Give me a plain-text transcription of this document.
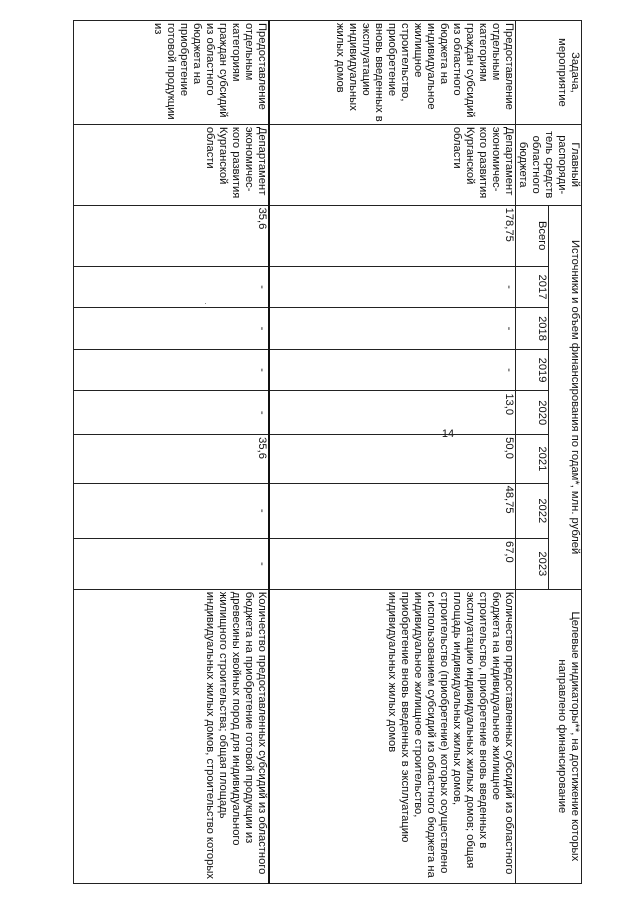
14
·
Задача, мероприятие	Главный распоряди-тель средств областного бюджета	Источники и объем финансирования по годам*, млн. рублей								Целевые индикаторы**, на достижение которых направлено финансирование
		Всего	2017	2018	2019	2020	2021	2022	2023	
Предоставление отдельным категориям граждан субсидий из областного бюджета на индивидуальное жилищное строительство, приобретение вновь введенных в эксплуатацию индивидуальных жилых домов	Департамент экономичес-кого развития Курганской области	178,75	-	-	-	13,0	50,0	48,75	67,0	Количество предоставленных субсидий из областного бюджета на индивидуальное жилищное строительство, приобретение вновь введенных в эксплуатацию индивидуальных жилых домов; общая площадь индивидуальных жилых домов, строительство (приобретение) которых осуществлено с использованием субсидий из областного бюджета на индивидуальное жилищное строительство, приобретение вновь введенных в эксплуатацию индивидуальных жилых домов
Предоставление отдельным категориям граждан субсидий из областного бюджета на приобретение готовой продукции из	Департамент экономичес-кого развития Курганской области	35,6	-	-	-	-	35,6	-	-	Количество предоставленных субсидий из областного бюджета на приобретение готовой продукции из древесины хвойных пород для индивидуального жилищного строительства; общая площадь индивидуальных жилых домов, строительство которых
